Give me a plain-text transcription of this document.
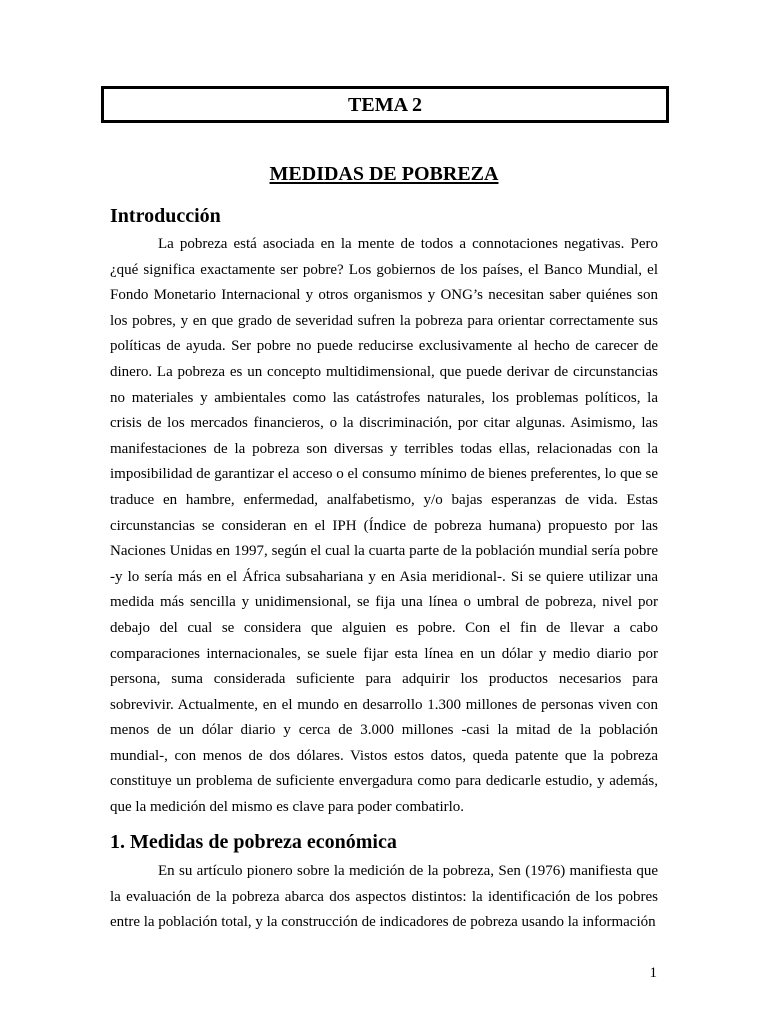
TEMA 2
MEDIDAS DE POBREZA
Introducción

La pobreza está asociada en la mente de todos a connotaciones negativas. Pero ¿qué significa exactamente ser pobre? Los gobiernos de los países, el Banco Mundial, el Fondo Monetario Internacional y otros organismos y ONG’s necesitan saber quiénes son los pobres, y en que grado de severidad sufren la pobreza para orientar correctamente sus políticas de ayuda. Ser pobre no puede reducirse exclusivamente al hecho de carecer de dinero. La pobreza es un concepto multidimensional, que puede derivar de circunstancias no materiales y ambientales como las catástrofes naturales, los problemas políticos, la crisis de los mercados financieros, o la discriminación, por citar algunas. Asimismo, las manifestaciones de la pobreza son diversas y terribles todas ellas, relacionadas con la imposibilidad de garantizar el acceso o el consumo mínimo de bienes preferentes, lo que se traduce en hambre, enfermedad, analfabetismo, y/o bajas esperanzas de vida. Estas circunstancias se consideran en el IPH (Índice de pobreza humana) propuesto por las Naciones Unidas en 1997, según el cual la cuarta parte de la población mundial sería pobre -y lo sería más en el África subsahariana y en Asia meridional-. Si se quiere utilizar una medida más sencilla y unidimensional, se fija una línea o umbral de pobreza, nivel por debajo del cual se considera que alguien es pobre. Con el fin de llevar a cabo comparaciones internacionales, se suele fijar esta línea en un dólar y medio diario por persona, suma considerada suficiente para adquirir los productos necesarios para sobrevivir. Actualmente, en el mundo en desarrollo 1.300 millones de personas viven con menos de un dólar diario y cerca de 3.000 millones -casi la mitad de la población mundial-, con menos de dos dólares. Vistos estos datos, queda patente que la pobreza constituye un problema de suficiente envergadura como para dedicarle estudio, y además, que la medición del mismo es clave para poder combatirlo.

1. Medidas de pobreza económica

En su artículo pionero sobre la medición de la pobreza, Sen (1976) manifiesta que la evaluación de la pobreza abarca dos aspectos distintos: la identificación de los pobres entre la población total, y la construcción de indicadores de pobreza usando la información

1
